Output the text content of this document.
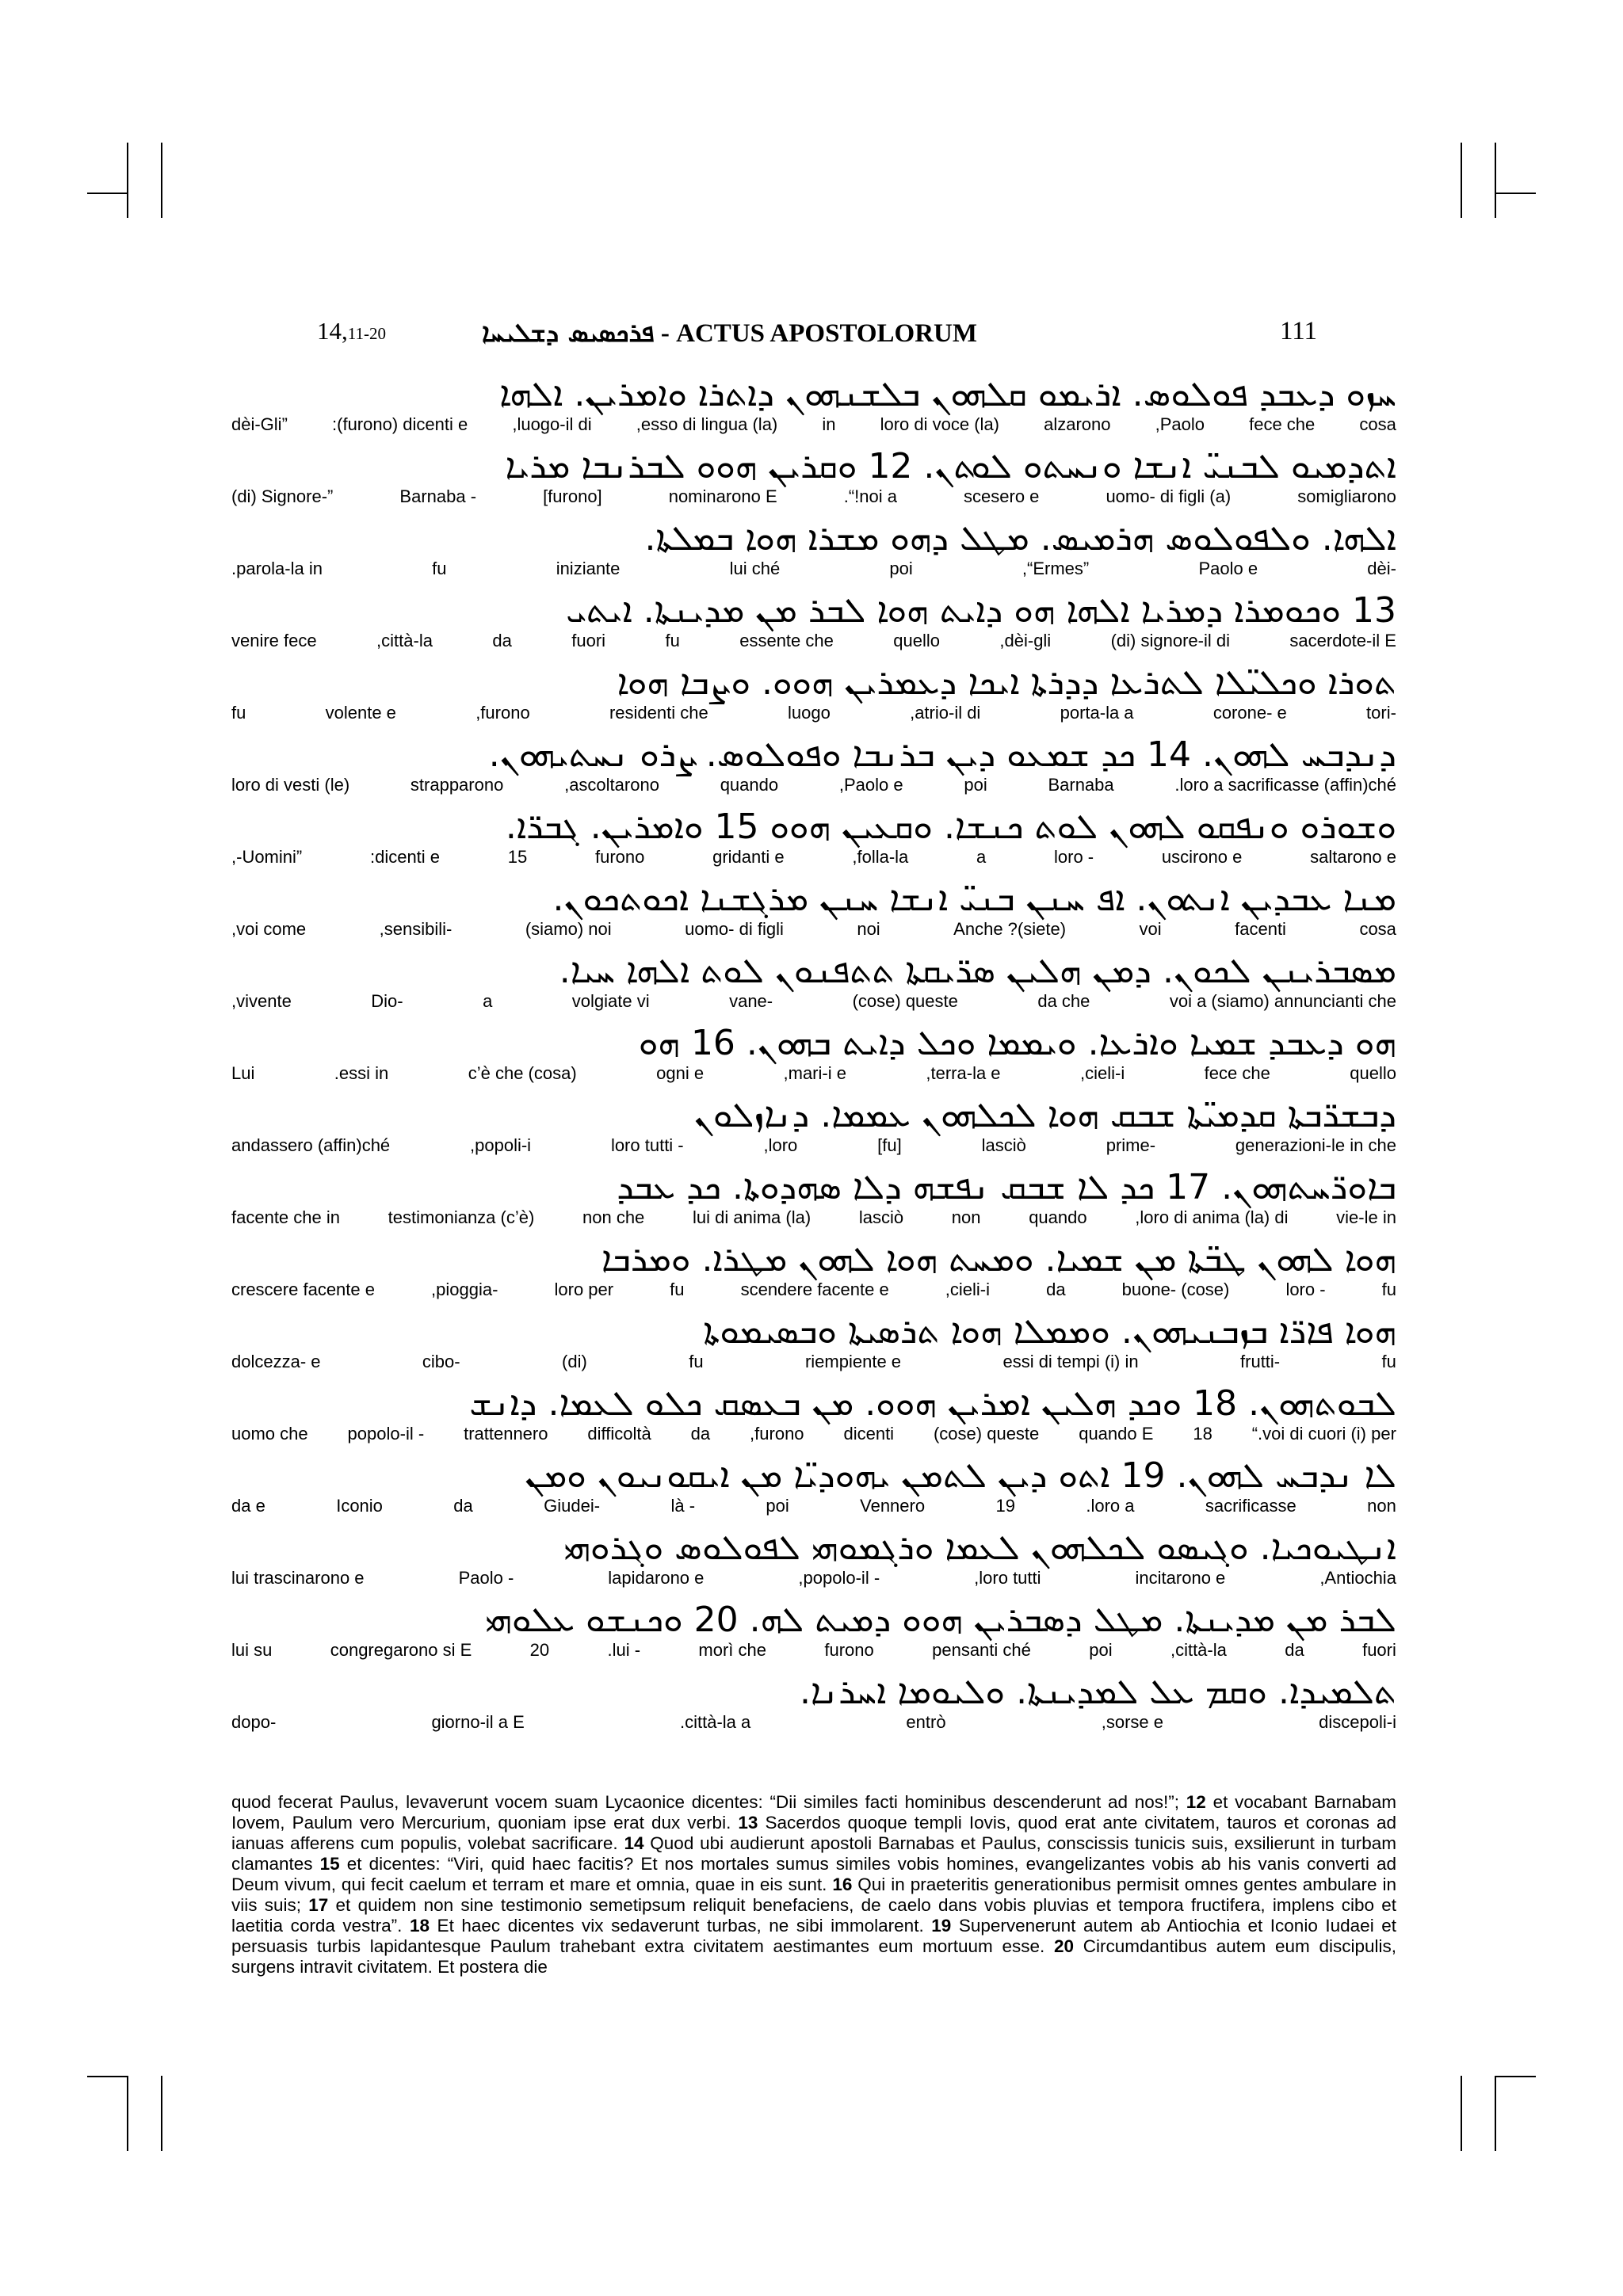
14,11-20	ܦܪܟܣܝܣ ܕܫܠܝܚܐ - ACTUS APOSTOLORUM	111
ܚܙܘ ܕܥܒܕ ܦܘܠܘܣ. ܐܪܝܡܘ ܩܠܗܘܢ ܒܠܫܢܗܘܢ ܕܐܬܪܐ ܘܐܡܪܝܢ. ܐܠܗܐ
cosa
fece che
,Paolo
alzarono
loro di voce (la)
in
,esso di lingua (la)
,luogo-il di
:(furono) dicenti e
dèi-Gli”
ܐܬܕܡܝܘ ܠܒܢܝ̈ ܐܢܫܐ ܘܢܚܬܘ ܠܘܬܢ. 12 ܘܩܪܝܢ ܗܘܘ ܠܒܪܢܒܐ ܡܪܝܐ
somigliarono
uomo- di figli (a)
scesero e
.“!noi a
nominarono E
[furono]
Barnaba -
(di) Signore-”
ܐܠܗܐ. ܘܠܦܘܠܘܣ ܗܪܡܝܣ. ܡܛܠ ܕܗܘ ܡܫܪܐ ܗܘܐ ܒܡܠܬܐ.
dèi-
Paolo e
,“Ermes”
poi
lui ché
iniziante
fu
.parola-la in
13 ܘܟܘܡܪܐ ܕܡܪܝܐ ܐܠܗܐ ܗܘ ܕܐܝܬ ܗܘܐ ܠܒܪ ܡܢ ܡܕܝܢܬܐ. ܐܝܬܝ
sacerdote-il E
(di) signore-il di
,dèi-gli
quello
essente che
fu
fuori
da
,città-la
venire fece
ܬܘܪܐ ܘܟܠܝ̈ܠܐ ܠܬܪܥܐ ܕܕܪܬܐ ܐܝܟܐ ܕܥܡܪܝܢ ܗܘܘ. ܘܨܒܐ ܗܘܐ
tori-
corone- e
porta-la a
,atrio-il di
luogo
residenti che
,furono
volente e
fu
ܕܢܕܒܚ ܠܗܘܢ. 14 ܟܕ ܫܡܥܘ ܕܝܢ ܒܪܢܒܐ ܘܦܘܠܘܣ. ܨܪܘ ܢܚܬܝܗܘܢ.
.loro a sacrificasse (affin)ché
Barnaba
poi
,Paolo e
quando
,ascoltarono
strapparono
loro di vesti (le)
ܘܫܘܪܘ ܘܢܦܩܘ ܠܗܘܢ ܠܘܬ ܟܢܫܐ. ܘܩܥܝܢ ܗܘܘ 15 ܘܐܡܪܝܢ. ܓܒܪ̈ܐ.
saltarono e
uscirono e
loro -
a
,folla-la
gridanti e
furono
15
:dicenti e
,-Uomini”
ܡܢܐ ܥܒܕܝܢ ܐܢܬܘܢ. ܐܦ ܚܢܢ ܒܢܝ̈ ܐܢܫܐ ܚܢܢ ܡܪܓܫܢܐ ܐܟܘܬܟܘܢ.
cosa
facenti
voi
Anche ?(siete)
noi
uomo- di figli
(siamo) noi
,sensibili-
,voi come
ܡܣܒܪܝܢܢ ܠܟܘܢ. ܕܡܢ ܗܠܝܢ ܣܪ̈ܝܩܬܐ ܬܬܦܢܘܢ ܠܘܬ ܐܠܗܐ ܚܝܐ.
voi a (siamo) annuncianti che
da che
(cose) queste
vane-
volgiate vi
a
Dio-
,vivente
ܗܘ ܕܥܒܕ ܫܡܝܐ ܘܐܪܥܐ. ܘܝܡܡܐ ܘܟܠ ܕܐܝܬ ܒܗܘܢ. 16 ܗܘ
quello
fece che
,cieli-i
,terra-la e
,mari-i e
ogni e
c’è che (cosa)
.essi in
Lui
ܕܒܫܪ̈ܒܬܐ ܩܕܡܝ̈ܬܐ ܫܒܩ ܗܘܐ ܠܟܠܗܘܢ ܥܡܡܐ. ܕܢܐܙܠܘܢ
generazioni-le in che
prime-
lasciò
[fu]
,loro
loro tutti -
,popoli-i
andassero (affin)ché
ܒܐܘܪ̈ܚܬܗܘܢ. 17 ܟܕ ܠܐ ܫܒܩ ܢܦܫܗ ܕܠܐ ܣܗܕܘܬܐ. ܟܕ ܥܒܕ
vie-le in
,loro di anima (la) di
quando
non
lasciò
lui di anima (la)
non che
testimonianza (c’è)
facente che in
ܗܘܐ ܠܗܘܢ ܛܒ̈ܬܐ ܡܢ ܫܡܝܐ. ܘܡܚܬ ܗܘܐ ܠܗܘܢ ܡܛܪܐ. ܘܡܪܒܐ
fu
loro -
buone- (cose)
da
,cieli-i
scendere facente e
fu
loro per
,pioggia-
crescere facente e
ܗܘܐ ܦܐܪ̈ܐ ܒܙܒܢܝܗܘܢ. ܘܡܡܠܐ ܗܘܐ ܬܪܣܝܬܐ ܘܒܣܝܡܘܬܐ
fu
frutti-
essi di tempi (i) in
riempiente e
fu
(di)
cibo-
dolcezza- e
ܠܒܘܬܗܘܢ. 18 ܘܟܕ ܗܠܝܢ ܐܡܪܝܢ ܗܘܘ. ܡܢ ܒܥܣܩ ܟܠܘ ܠܥܡܐ. ܕܐܢܫ
“.voi di cuori (i) per
18
quando E
(cose) queste
dicenti
,furono
da
difficoltà
trattennero
popolo-il -
uomo che
ܠܐ ܢܕܒܚ ܠܗܘܢ. 19 ܐܬܘ ܕܝܢ ܠܬܡܢ ܝܗܘܕܝ̈ܐ ܡܢ ܐܝܩܘܢܝܘܢ ܘܡܢ
non
sacrificasse
.loro a
19
Vennero
poi
là -
Giudei-
da
Iconio
da e
ܐܢܛܝܘܟܝܐ. ܘܓܝܣܘ ܠܟܠܗܘܢ ܠܥܡܐ ܘܪܓܡܘܗܝ ܠܦܘܠܘܣ ܘܓܪܘܗܝ
,Antiochia
incitarono e
,loro tutti
,popolo-il -
lapidarono e
Paolo -
lui trascinarono e
ܠܒܪ ܡܢ ܡܕܝܢܬܐ. ܡܛܠ ܕܣܒܪܝܢ ܗܘܘ ܕܡܝܬ ܠܗ. 20 ܘܟܢܫܘ ܥܠܘܗܝ
fuori
da
,città-la
poi
pensanti ché
furono
morì che
.lui -
20
congregarono si E
lui su
ܬܠܡܝܕܐ. ܘܩܡ ܥܠ ܠܡܕܝܢܬܐ. ܘܠܝܘܡܐ ܐܚܪܢܐ.
discepoli-i
,sorse e
entrò
.città-la a
giorno-il a E
dopo-
quod fecerat Paulus, levaverunt vocem suam Lycaonice dicentes: “Dii similes facti hominibus descenderunt ad nos!”; 12 et vocabant Barnabam Iovem, Paulum vero Mercurium, quoniam ipse erat dux verbi. 13 Sacerdos quoque templi Iovis, quod erat ante civitatem, tauros et coronas ad ianuas afferens cum populis, volebat sacrificare. 14 Quod ubi audierunt apostoli Barnabas et Paulus, conscissis tunicis suis, exsilierunt in turbam clamantes 15 et dicentes: “Viri, quid haec facitis? Et nos mortales sumus similes vobis homines, evangelizantes vobis ab his vanis converti ad Deum vivum, qui fecit caelum et terram et mare et omnia, quae in eis sunt. 16 Qui in praeteritis generationibus permisit omnes gentes ambulare in viis suis; 17 et quidem non sine testimonio semetipsum reliquit benefaciens, de caelo dans vobis pluvias et tempora fructifera, implens cibo et laetitia corda vestra”. 18 Et haec dicentes vix sedaverunt turbas, ne sibi immolarent. 19 Supervenerunt autem ab Antiochia et Iconio Iudaei et persuasis turbis lapidantesque Paulum trahebant extra civitatem aestimantes eum mortuum esse. 20 Circumdantibus autem eum discipulis, surgens intravit civitatem. Et postera die
